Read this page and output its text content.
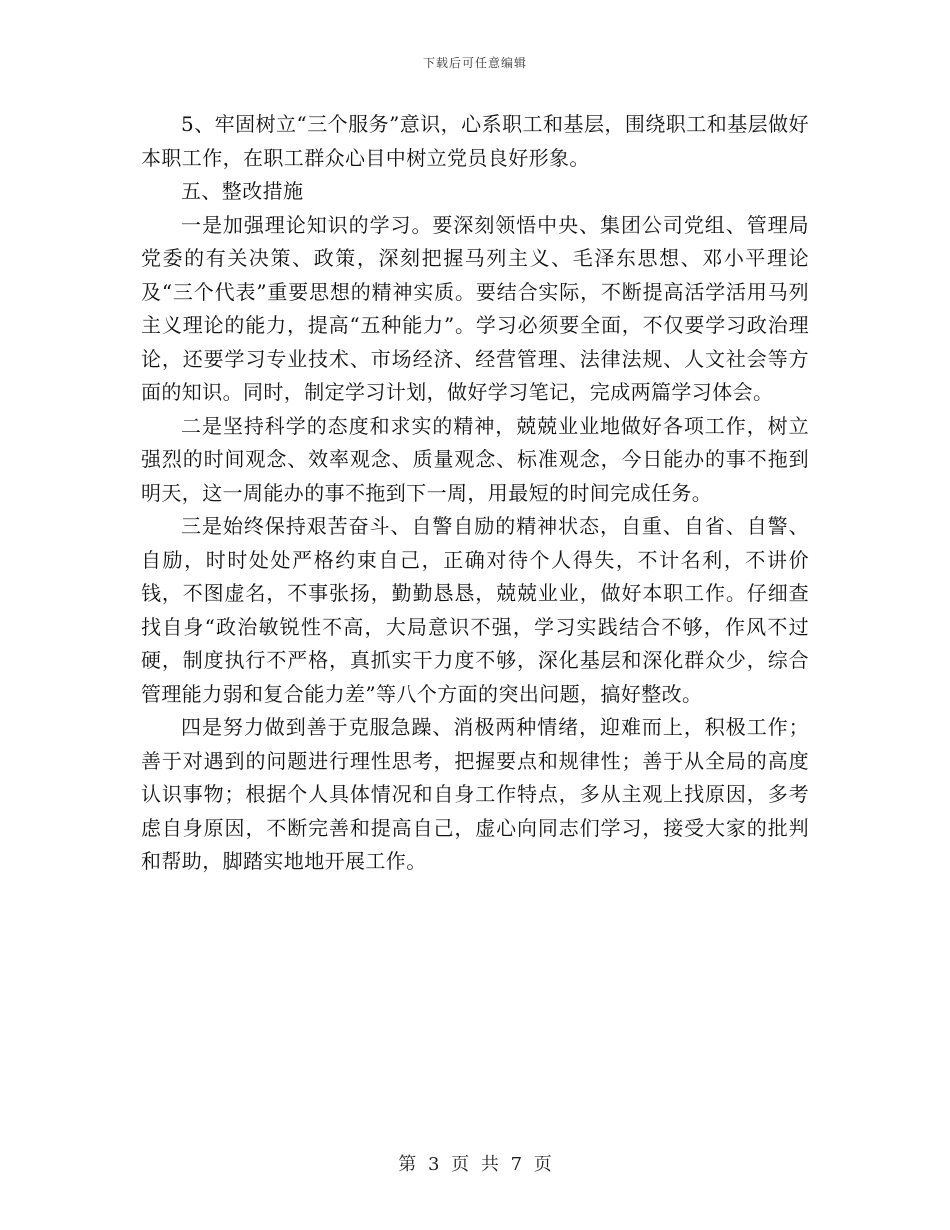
下载后可任意编辑

5、牢固树立“三个服务”意识，心系职工和基层，围绕职工和基层做好本职工作，在职工群众心目中树立党员良好形象。

五、整改措施

一是加强理论知识的学习。要深刻领悟中央、集团公司党组、管理局党委的有关决策、政策，深刻把握马列主义、毛泽东思想、邓小平理论及“三个代表”重要思想的精神实质。要结合实际，不断提高活学活用马列主义理论的能力，提高“五种能力”。学习必须要全面，不仅要学习政治理论，还要学习专业技术、市场经济、经营管理、法律法规、人文社会等方面的知识。同时，制定学习计划，做好学习笔记，完成两篇学习体会。

二是坚持科学的态度和求实的精神，兢兢业业地做好各项工作，树立强烈的时间观念、效率观念、质量观念、标准观念，今日能办的事不拖到明天，这一周能办的事不拖到下一周，用最短的时间完成任务。

三是始终保持艰苦奋斗、自警自励的精神状态，自重、自省、自警、自励，时时处处严格约束自己，正确对待个人得失，不计名利，不讲价钱，不图虚名，不事张扬，勤勤恳恳，兢兢业业，做好本职工作。仔细查找自身“政治敏锐性不高，大局意识不强，学习实践结合不够，作风不过硬，制度执行不严格，真抓实干力度不够，深化基层和深化群众少，综合管理能力弱和复合能力差”等八个方面的突出问题，搞好整改。

四是努力做到善于克服急躁、消极两种情绪，迎难而上，积极工作；善于对遇到的问题进行理性思考，把握要点和规律性；善于从全局的高度认识事物；根据个人具体情况和自身工作特点，多从主观上找原因，多考虑自身原因，不断完善和提高自己，虚心向同志们学习，接受大家的批判和帮助，脚踏实地地开展工作。

第 3 页 共 7 页
